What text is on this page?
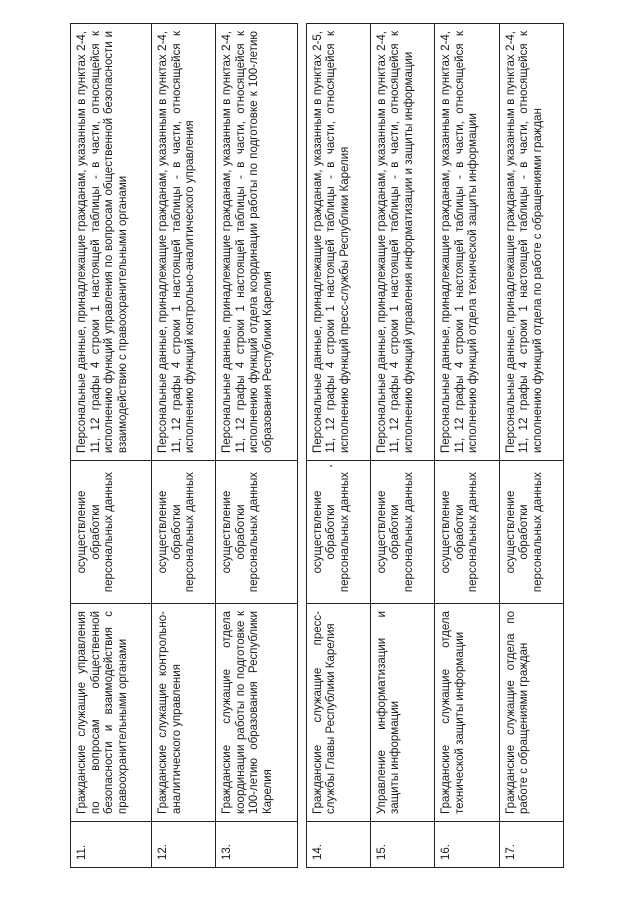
11.	Гражданские служащие управления по вопросам общественной безопасности и взаимодействия с правоохранительными органами	осуществление обработки персональных данных	Персональные данные, принадлежащие гражданам, указанным в пунктах 2-4, 11, 12 графы 4 строки 1 настоящей таблицы - в части, относящейся к исполнению функций управления по вопросам общественной безопасности и взаимодействию с правоохранительными органами
12.	Гражданские служащие контрольно-аналитического управления	осуществление обработки персональных данных	Персональные данные, принадлежащие гражданам, указанным в пунктах 2-4, 11, 12 графы 4 строки 1 настоящей таблицы - в части, относящейся к исполнению функций контрольно-аналитического управления
13.	Гражданские служащие отдела координации работы по подготовке к 100-летию образования Республики Карелия	осуществление обработки персональных данных	Персональные данные, принадлежащие гражданам, указанным в пунктах 2-4, 11, 12 графы 4 строки 1 настоящей таблицы - в части, относящейся к исполнению функций отдела координации работы по подготовке к 100-летию образования Республики Карелия

14.	Гражданские служащие пресс-службы Главы Республики Карелия	осуществление обработки персональных данных	Персональные данные, принадлежащие гражданам, указанным в пунктах 2-5, 11, 12 графы 4 строки 1 настоящей таблицы - в части, относящейся к исполнению функций пресс-службы Республики Карелия
15.	Управление информатизации и защиты информации	осуществление обработки персональных данных	Персональные данные, принадлежащие гражданам, указанным в пунктах 2-4, 11, 12 графы 4 строки 1 настоящей таблицы - в части, относящейся к исполнению функций управления информатизации и защиты информации
16.	Гражданские служащие отдела технической защиты информации	осуществление обработки персональных данных	Персональные данные, принадлежащие гражданам, указанным в пунктах 2-4, 11, 12 графы 4 строки 1 настоящей таблицы - в части, относящейся к исполнению функций отдела технической защиты информации
17.	Гражданские служащие отдела по работе с обращениями граждан	осуществление обработки персональных данных	Персональные данные, принадлежащие гражданам, указанным в пунктах 2-4, 11, 12 графы 4 строки 1 настоящей таблицы - в части, относящейся к исполнению функций отдела по работе с обращениями граждан
